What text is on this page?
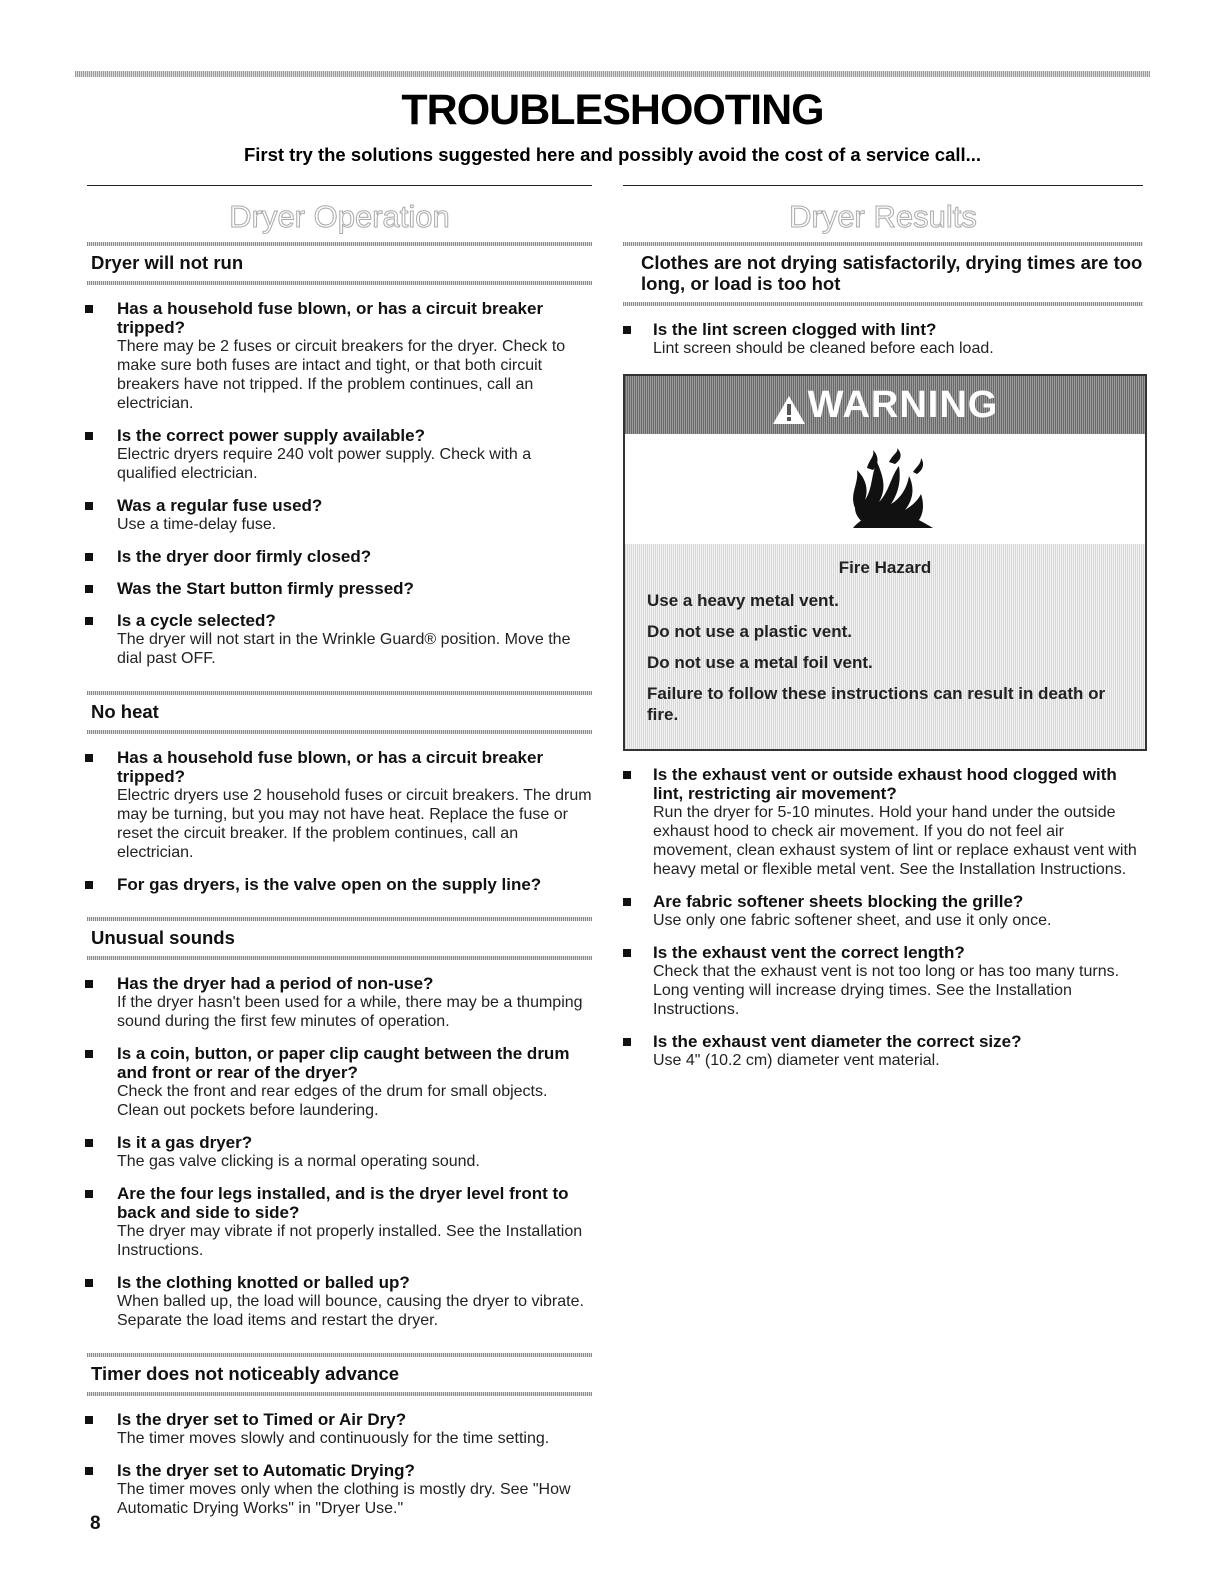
TROUBLESHOOTING
First try the solutions suggested here and possibly avoid the cost of a service call...
Dryer Operation
Dryer will not run
Has a household fuse blown, or has a circuit breaker tripped?
There may be 2 fuses or circuit breakers for the dryer. Check to make sure both fuses are intact and tight, or that both circuit breakers have not tripped. If the problem continues, call an electrician.
Is the correct power supply available?
Electric dryers require 240 volt power supply. Check with a qualified electrician.
Was a regular fuse used?
Use a time-delay fuse.
Is the dryer door firmly closed?
Was the Start button firmly pressed?
Is a cycle selected?
The dryer will not start in the Wrinkle Guard® position. Move the dial past OFF.
No heat
Has a household fuse blown, or has a circuit breaker tripped?
Electric dryers use 2 household fuses or circuit breakers. The drum may be turning, but you may not have heat. Replace the fuse or reset the circuit breaker. If the problem continues, call an electrician.
For gas dryers, is the valve open on the supply line?
Unusual sounds
Has the dryer had a period of non-use?
If the dryer hasn't been used for a while, there may be a thumping sound during the first few minutes of operation.
Is a coin, button, or paper clip caught between the drum and front or rear of the dryer?
Check the front and rear edges of the drum for small objects. Clean out pockets before laundering.
Is it a gas dryer?
The gas valve clicking is a normal operating sound.
Are the four legs installed, and is the dryer level front to back and side to side?
The dryer may vibrate if not properly installed. See the Installation Instructions.
Is the clothing knotted or balled up?
When balled up, the load will bounce, causing the dryer to vibrate. Separate the load items and restart the dryer.
Timer does not noticeably advance
Is the dryer set to Timed or Air Dry?
The timer moves slowly and continuously for the time setting.
Is the dryer set to Automatic Drying?
The timer moves only when the clothing is mostly dry. See "How Automatic Drying Works" in "Dryer Use."
Dryer Results
Clothes are not drying satisfactorily, drying times are too long, or load is too hot
Is the lint screen clogged with lint?
Lint screen should be cleaned before each load.
WARNING
Fire Hazard
Use a heavy metal vent.
Do not use a plastic vent.
Do not use a metal foil vent.
Failure to follow these instructions can result in death or fire.
Is the exhaust vent or outside exhaust hood clogged with lint, restricting air movement?
Run the dryer for 5-10 minutes. Hold your hand under the outside exhaust hood to check air movement. If you do not feel air movement, clean exhaust system of lint or replace exhaust vent with heavy metal or flexible metal vent. See the Installation Instructions.
Are fabric softener sheets blocking the grille?
Use only one fabric softener sheet, and use it only once.
Is the exhaust vent the correct length?
Check that the exhaust vent is not too long or has too many turns. Long venting will increase drying times. See the Installation Instructions.
Is the exhaust vent diameter the correct size?
Use 4" (10.2 cm) diameter vent material.
8
